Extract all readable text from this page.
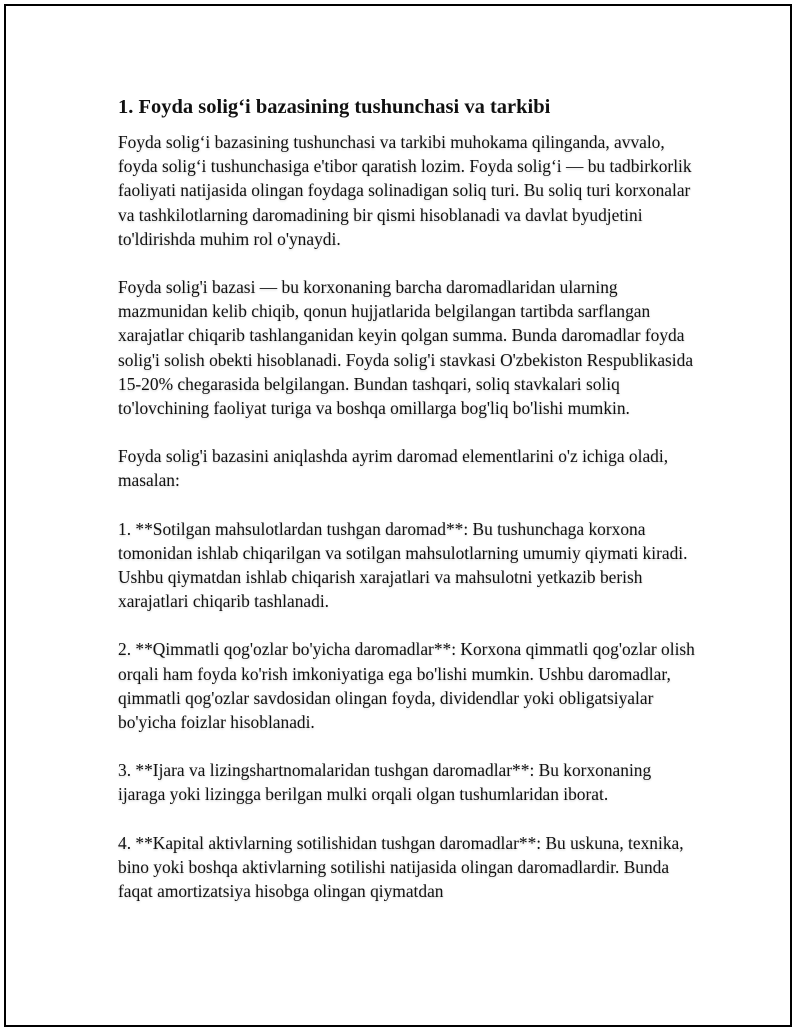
1. Foyda solig‘i bazasining tushunchasi va tarkibi

Foyda solig‘i bazasining tushunchasi va tarkibi muhokama qilinganda, avvalo, foyda solig‘i tushunchasiga e'tibor qaratish lozim. Foyda solig‘i — bu tadbirkorlik faoliyati natijasida olingan foydaga solinadigan soliq turi. Bu soliq turi korxonalar va tashkilotlarning daromadining bir qismi hisoblanadi va davlat byudjetini to'ldirishda muhim rol o'ynaydi.

Foyda solig'i bazasi — bu korxonaning barcha daromadlaridan ularning mazmunidan kelib chiqib, qonun hujjatlarida belgilangan tartibda sarflangan xarajatlar chiqarib tashlanganidan keyin qolgan summa. Bunda daromadlar foyda solig'i solish obekti hisoblanadi. Foyda solig'i stavkasi O'zbekiston Respublikasida 15-20% chegarasida belgilangan. Bundan tashqari, soliq stavkalari soliq to'lovchining faoliyat turiga va boshqa omillarga bog'liq bo'lishi mumkin.

Foyda solig'i bazasini aniqlashda ayrim daromad elementlarini o'z ichiga oladi, masalan:

1. **Sotilgan mahsulotlardan tushgan daromad**: Bu tushunchaga korxona tomonidan ishlab chiqarilgan va sotilgan mahsulotlarning umumiy qiymati kiradi. Ushbu qiymatdan ishlab chiqarish xarajatlari va mahsulotni yetkazib berish xarajatlari chiqarib tashlanadi.

2. **Qimmatli qog'ozlar bo'yicha daromadlar**: Korxona qimmatli qog'ozlar olish orqali ham foyda ko'rish imkoniyatiga ega bo'lishi mumkin. Ushbu daromadlar, qimmatli qog'ozlar savdosidan olingan foyda, dividendlar yoki obligatsiyalar bo'yicha foizlar hisoblanadi.

3. **Ijara va lizingshartnomalaridan tushgan daromadlar**: Bu korxonaning ijaraga yoki lizingga berilgan mulki orqali olgan tushumlaridan iborat.

4. **Kapital aktivlarning sotilishidan tushgan daromadlar**: Bu uskuna, texnika, bino yoki boshqa aktivlarning sotilishi natijasida olingan daromadlardir. Bunda faqat amortizatsiya hisobga olingan qiymatdan
